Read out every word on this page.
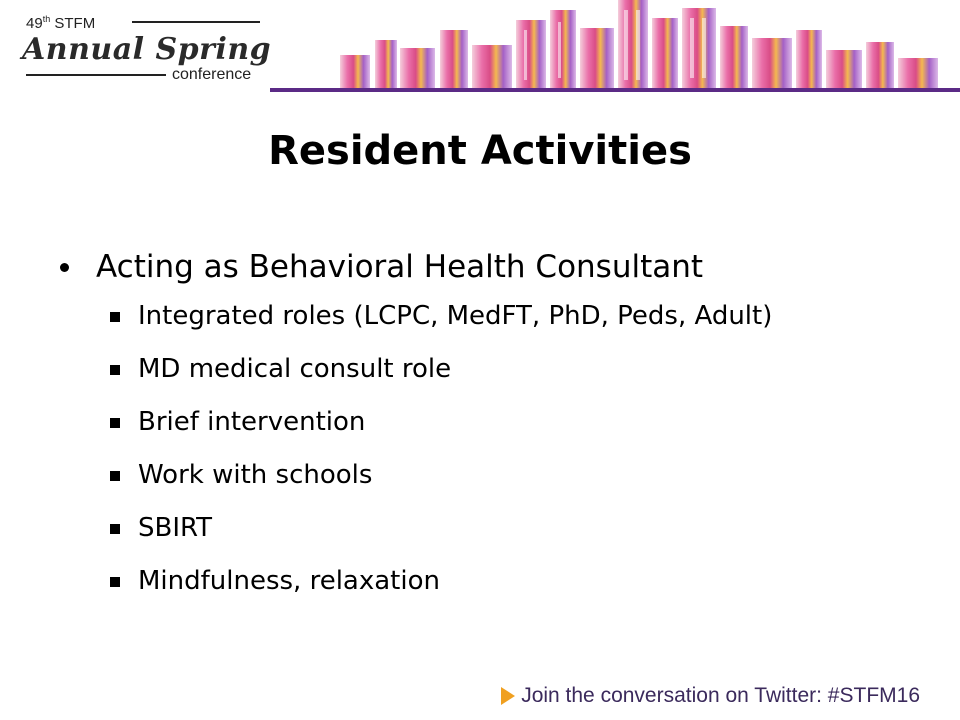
49th STFM
Annual Spring
conference
Resident Activities
Acting as Behavioral Health Consultant
Integrated roles (LCPC, MedFT, PhD, Peds, Adult)
MD medical consult role
Brief intervention
Work with schools
SBIRT
Mindfulness, relaxation
Join the conversation on Twitter: #STFM16
